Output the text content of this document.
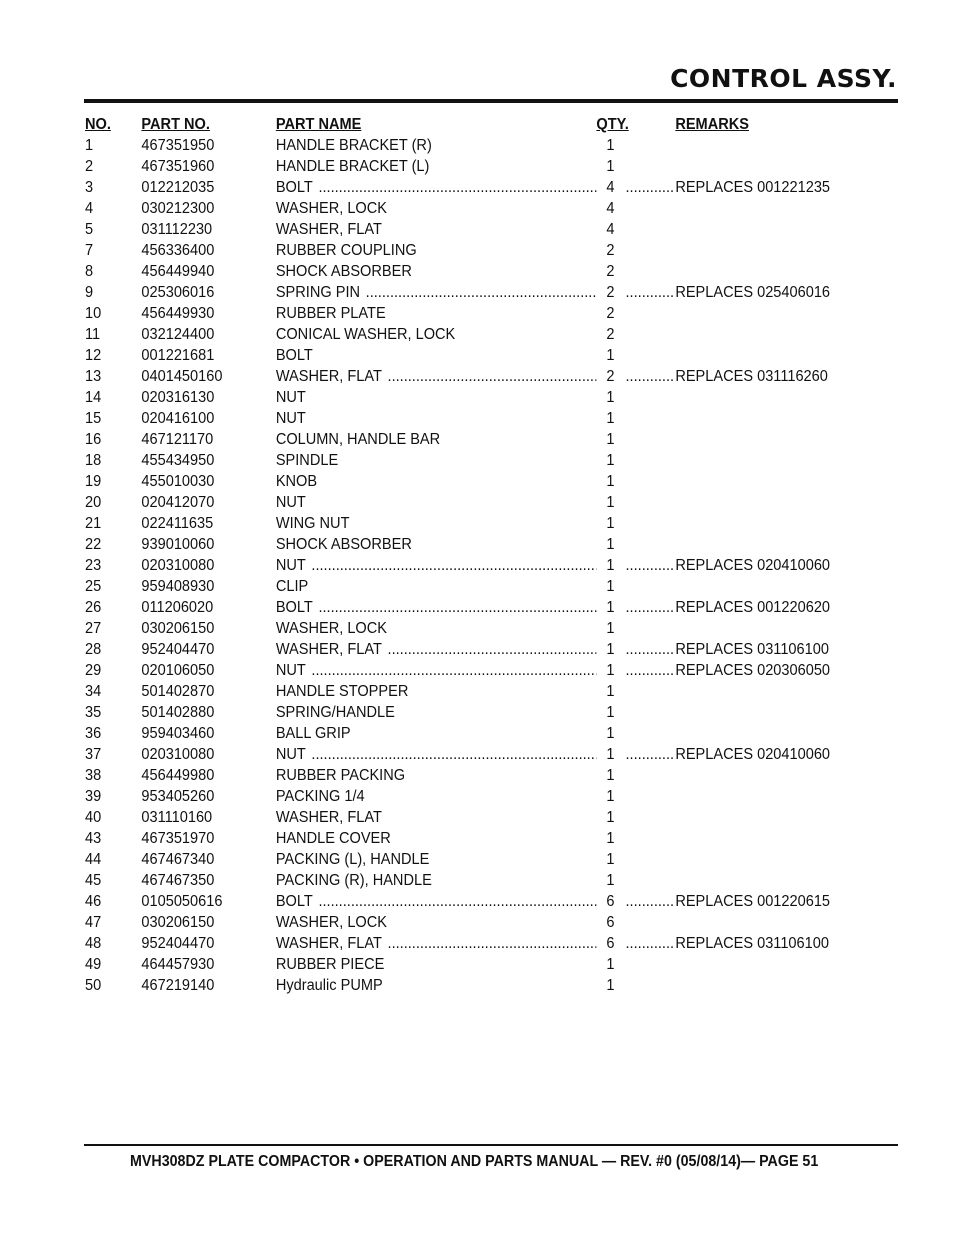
CONTROL ASSY.
NO. PART NO.	PART NAME	QTY.	REMARKS
1	467351950	HANDLE BRACKET (R)	1
2	467351960	HANDLE BRACKET (L)	1
3	012212035	BOLT .....	4 .....	REPLACES 001221235
4	030212300	WASHER, LOCK	4
5	031112230	WASHER, FLAT	4
7	456336400	RUBBER COUPLING	2
8	456449940	SHOCK ABSORBER	2
9	025306016	SPRING PIN .....	2 .....	REPLACES 025406016
10	456449930	RUBBER PLATE	2
11	032124400	CONICAL WASHER, LOCK	2
12	001221681	BOLT	1
13	0401450160	WASHER, FLAT .....	2 .....	REPLACES 031116260
14	020316130	NUT	1
15	020416100	NUT	1
16	467121170	COLUMN, HANDLE BAR	1
18	455434950	SPINDLE	1
19	455010030	KNOB	1
20	020412070	NUT	1
21	022411635	WING NUT	1
22	939010060	SHOCK ABSORBER	1
23	020310080	NUT .....	1 .....	REPLACES 020410060
25	959408930	CLIP	1
26	011206020	BOLT .....	1 .....	REPLACES 001220620
27	030206150	WASHER, LOCK	1
28	952404470	WASHER, FLAT .....	1 .....	REPLACES 031106100
29	020106050	NUT .....	1 .....	REPLACES 020306050
34	501402870	HANDLE STOPPER	1
35	501402880	SPRING/HANDLE	1
36	959403460	BALL GRIP	1
37	020310080	NUT .....	1 .....	REPLACES 020410060
38	456449980	RUBBER PACKING	1
39	953405260	PACKING 1/4	1
40	031110160	WASHER, FLAT	1
43	467351970	HANDLE COVER	1
44	467467340	PACKING (L), HANDLE	1
45	467467350	PACKING (R), HANDLE	1
46	0105050616	BOLT .....	6 .....	REPLACES 001220615
47	030206150	WASHER, LOCK	6
48	952404470	WASHER, FLAT .....	6 .....	REPLACES 031106100
49	464457930	RUBBER PIECE	1
50	467219140	Hydraulic PUMP	1
MVH308DZ PLATE COMPACTOR • OPERATION AND PARTS MANUAL — REV. #0 (05/08/14)— PAGE 51
